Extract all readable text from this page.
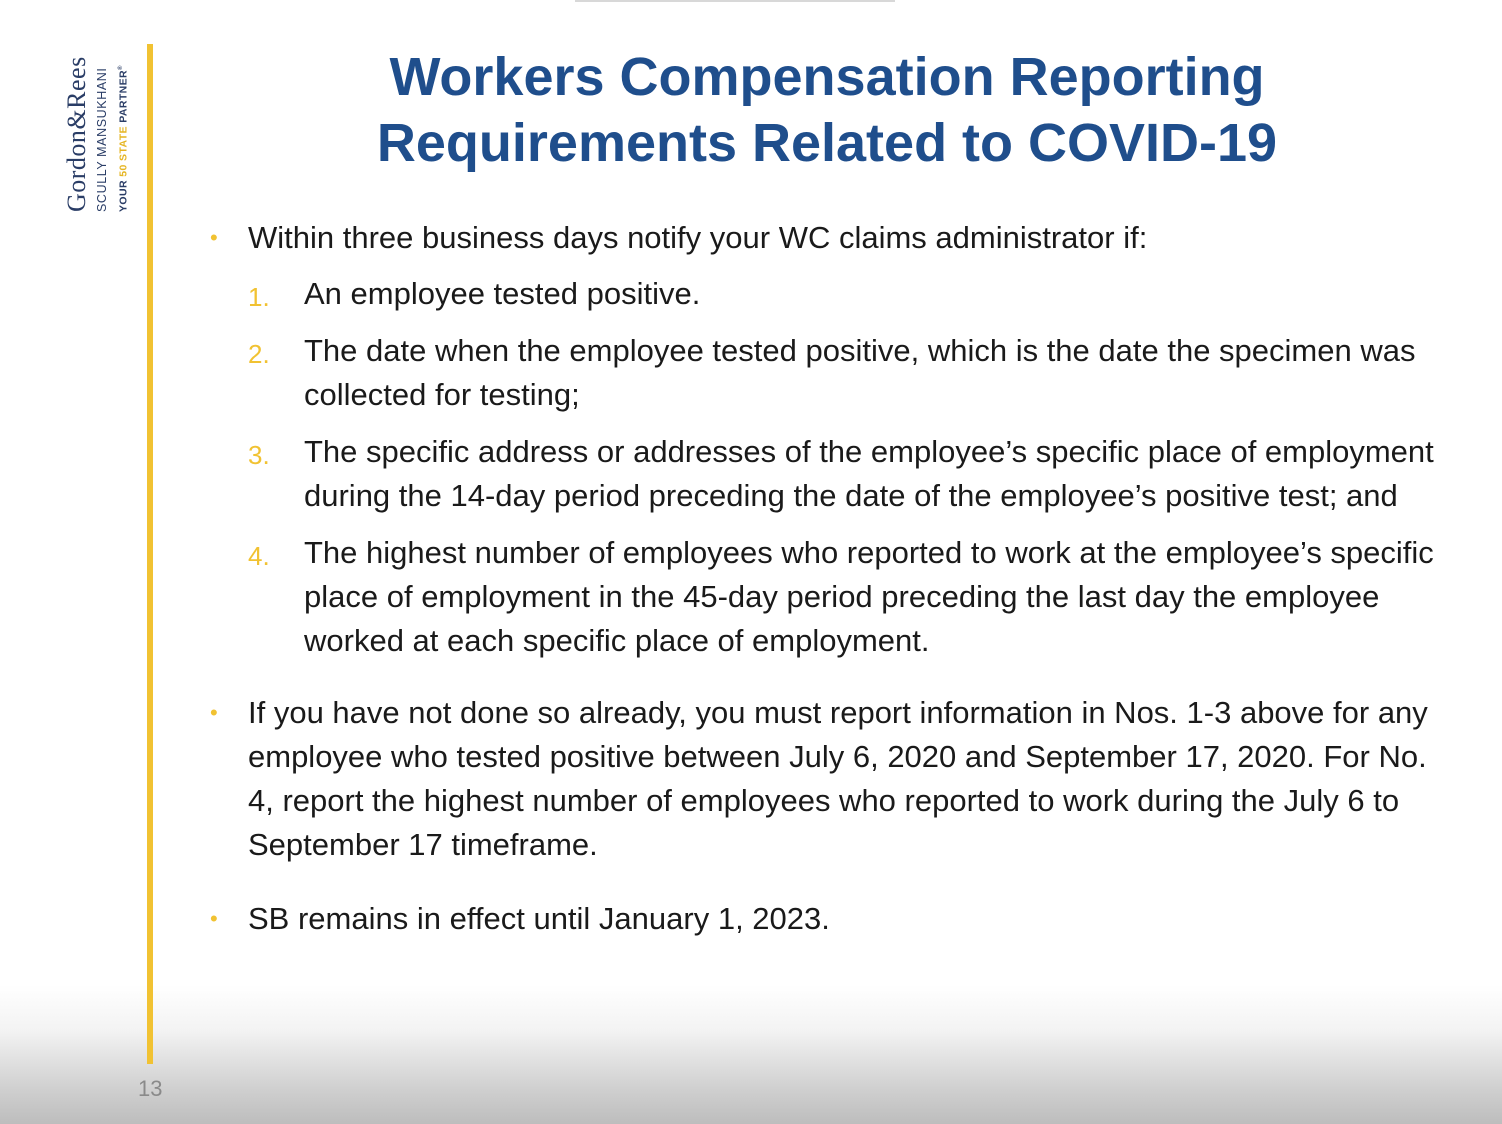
Gordon&Rees SCULLY MANSUKHANI YOUR 50 STATE PARTNER®	Workers Compensation Reporting
Requirements Related to COVID-19
• Within three business days notify your WC claims administrator if:
1. An employee tested positive.
2. The date when the employee tested positive, which is the date the specimen was collected for testing;
3. The specific address or addresses of the employee’s specific place of employment during the 14-day period preceding the date of the employee’s positive test; and
4. The highest number of employees who reported to work at the employee’s specific place of employment in the 45-day period preceding the last day the employee worked at each specific place of employment.
• If you have not done so already, you must report information in Nos. 1-3 above for any employee who tested positive between July 6, 2020 and September 17, 2020. For No. 4, report the highest number of employees who reported to work during the July 6 to September 17 timeframe.
• SB remains in effect until January 1, 2023.
13
